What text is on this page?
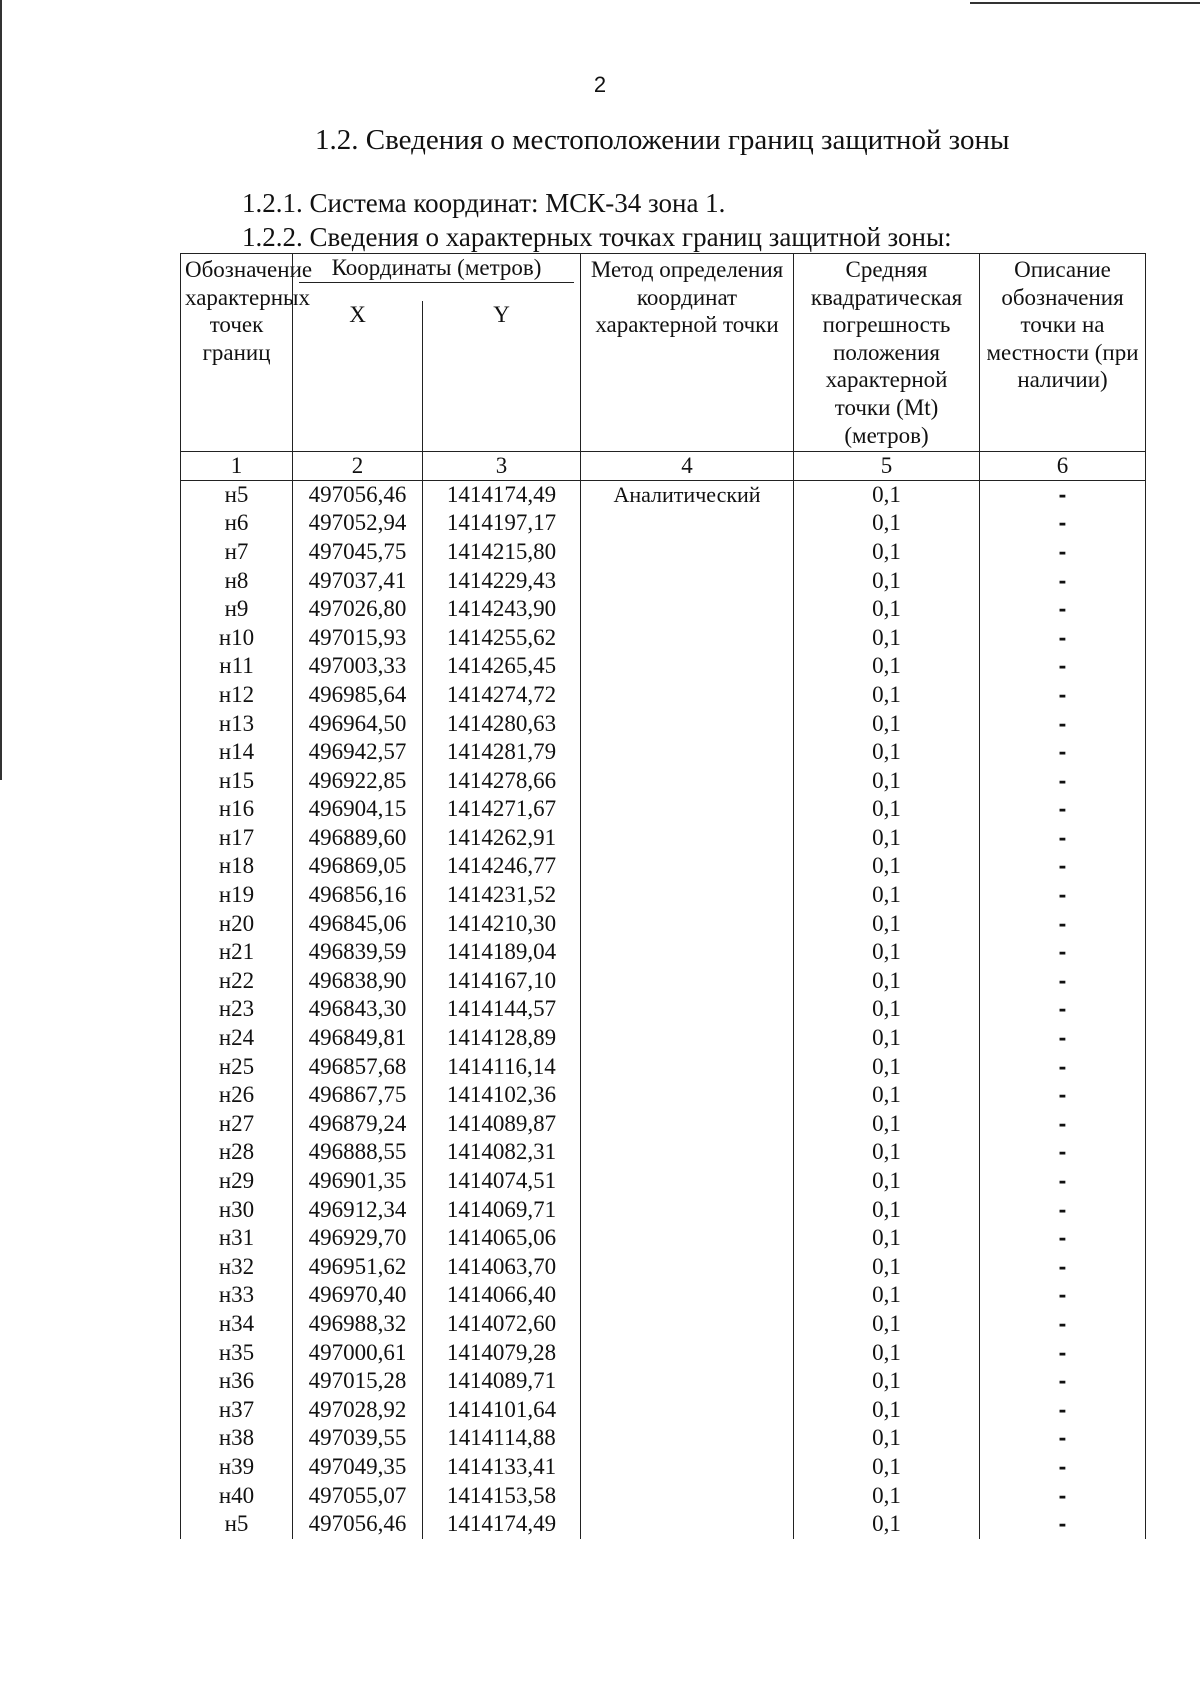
2
1.2. Сведения о местоположении границ защитной зоны
1.2.1. Система координат: МСК-34 зона 1.
1.2.2. Сведения о характерных точках границ защитной зоны:
Обозначение характерных точек границ	Координаты (метров)		Метод определения координат характерной точки	Средняя квадратическая погрешность положения характерной точки (Mt) (метров)	Описание обозначения точки на местности (при наличии)
	X	Y			
1	2	3	4	5	6
н5	497056,46	1414174,49	Аналитический	0,1	-
н6	497052,94	1414197,17		0,1	-
н7	497045,75	1414215,80		0,1	-
н8	497037,41	1414229,43		0,1	-
н9	497026,80	1414243,90		0,1	-
н10	497015,93	1414255,62		0,1	-
н11	497003,33	1414265,45		0,1	-
н12	496985,64	1414274,72		0,1	-
н13	496964,50	1414280,63		0,1	-
н14	496942,57	1414281,79		0,1	-
н15	496922,85	1414278,66		0,1	-
н16	496904,15	1414271,67		0,1	-
н17	496889,60	1414262,91		0,1	-
н18	496869,05	1414246,77		0,1	-
н19	496856,16	1414231,52		0,1	-
н20	496845,06	1414210,30		0,1	-
н21	496839,59	1414189,04		0,1	-
н22	496838,90	1414167,10		0,1	-
н23	496843,30	1414144,57		0,1	-
н24	496849,81	1414128,89		0,1	-
н25	496857,68	1414116,14		0,1	-
н26	496867,75	1414102,36		0,1	-
н27	496879,24	1414089,87		0,1	-
н28	496888,55	1414082,31		0,1	-
н29	496901,35	1414074,51		0,1	-
н30	496912,34	1414069,71		0,1	-
н31	496929,70	1414065,06		0,1	-
н32	496951,62	1414063,70		0,1	-
н33	496970,40	1414066,40		0,1	-
н34	496988,32	1414072,60		0,1	-
н35	497000,61	1414079,28		0,1	-
н36	497015,28	1414089,71		0,1	-
н37	497028,92	1414101,64		0,1	-
н38	497039,55	1414114,88		0,1	-
н39	497049,35	1414133,41		0,1	-
н40	497055,07	1414153,58		0,1	-
н5	497056,46	1414174,49		0,1	-
